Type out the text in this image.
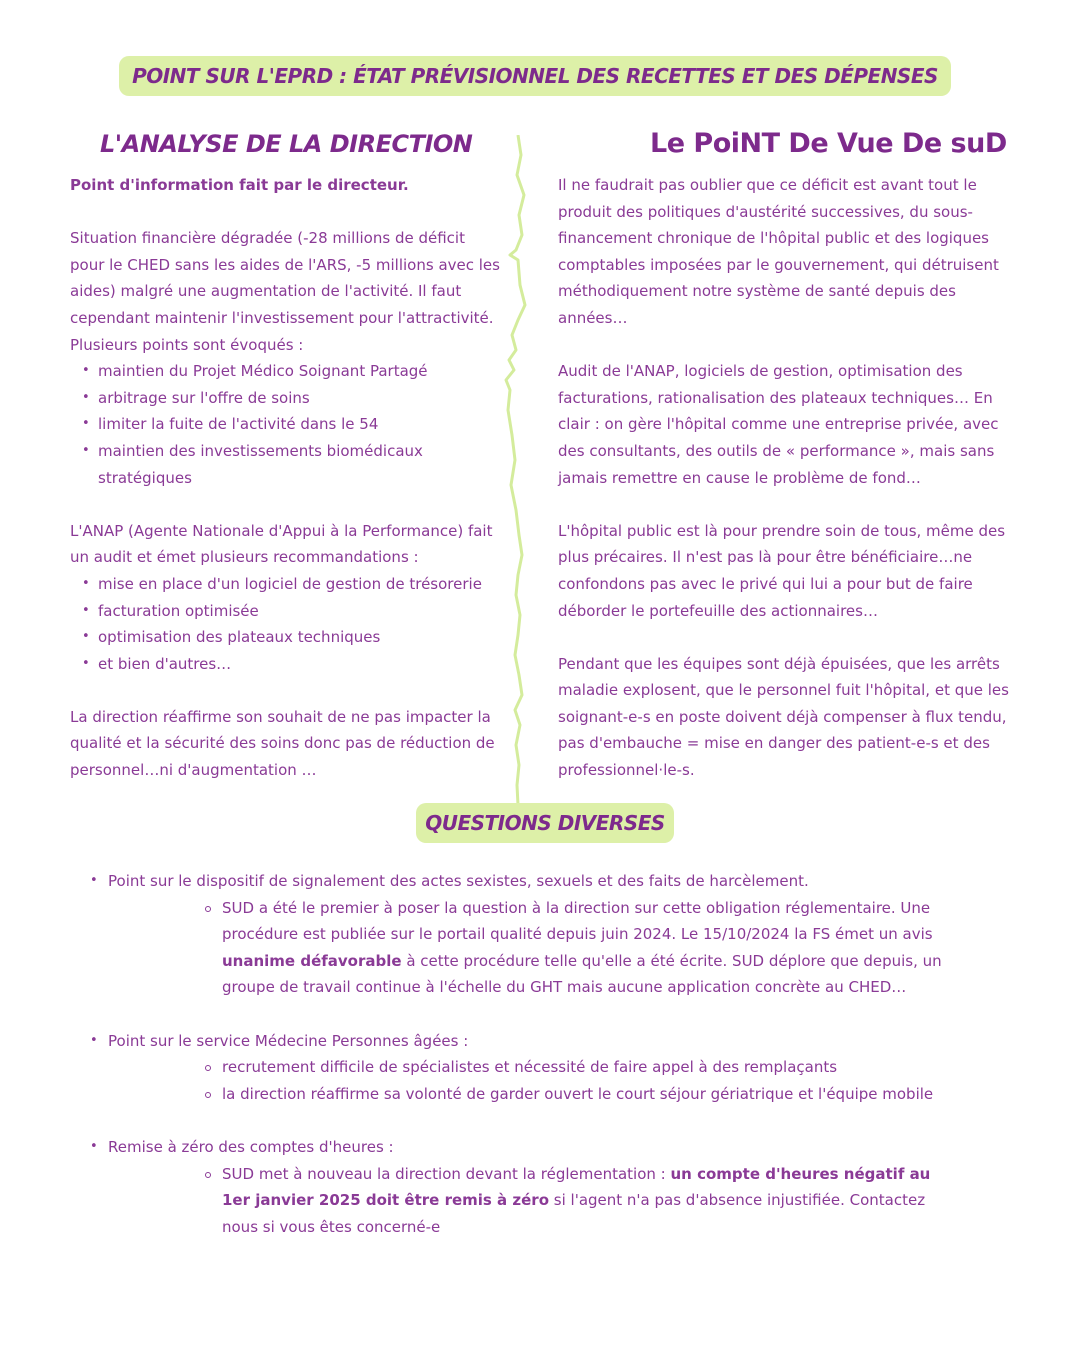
POINT SUR L'EPRD : ÉTAT PRÉVISIONNEL DES RECETTES ET DES DÉPENSES
L'ANALYSE DE LA DIRECTION	Le PoiNT De Vue De suD

Point d'information fait par le directeur.

Situation financière dégradée (-28 millions de déficit pour le CHED sans les aides de l'ARS, -5 millions avec les aides) malgré une augmentation de l'activité. Il faut cependant maintenir l'investissement pour l'attractivité. Plusieurs points sont évoqués :

• maintien du Projet Médico Soignant Partagé
• arbitrage sur l'offre de soins
• limiter la fuite de l'activité dans le 54
• maintien des investissements biomédicaux stratégiques

L'ANAP (Agente Nationale d'Appui à la Performance) fait un audit et émet plusieurs recommandations :

• mise en place d'un logiciel de gestion de trésorerie
• facturation optimisée
• optimisation des plateaux techniques
• et bien d'autres…

La direction réaffirme son souhait de ne pas impacter la qualité et la sécurité des soins donc pas de réduction de personnel…ni d'augmentation …

Il ne faudrait pas oublier que ce déficit est avant tout le produit des politiques d'austérité successives, du sous-financement chronique de l'hôpital public et des logiques comptables imposées par le gouvernement, qui détruisent méthodiquement notre système de santé depuis des années…

Audit de l'ANAP, logiciels de gestion, optimisation des facturations, rationalisation des plateaux techniques… En clair : on gère l'hôpital comme une entreprise privée, avec des consultants, des outils de « performance », mais sans jamais remettre en cause le problème de fond…

L'hôpital public est là pour prendre soin de tous, même des plus précaires. Il n'est pas là pour être bénéficiaire…ne confondons pas avec le privé qui lui a pour but de faire déborder le portefeuille des actionnaires…

Pendant que les équipes sont déjà épuisées, que les arrêts maladie explosent, que le personnel fuit l'hôpital, et que les soignant-e-s en poste doivent déjà compenser à flux tendu, pas d'embauche = mise en danger des patient-e-s et des professionnel·le-s.

QUESTIONS DIVERSES
• Point sur le dispositif de signalement des actes sexistes, sexuels et des faits de harcèlement.
SUD a été le premier à poser la question à la direction sur cette obligation réglementaire. Une procédure est publiée sur le portail qualité depuis juin 2024. Le 15/10/2024 la FS émet un avis unanime défavorable à cette procédure telle qu'elle a été écrite. SUD déplore que depuis, un groupe de travail continue à l'échelle du GHT mais aucune application concrète au CHED…
• Point sur le service Médecine Personnes âgées :
recrutement difficile de spécialistes et nécessité de faire appel à des remplaçants
la direction réaffirme sa volonté de garder ouvert le court séjour gériatrique et l'équipe mobile
• Remise à zéro des comptes d'heures :
SUD met à nouveau la direction devant la réglementation : un compte d'heures négatif au 1er janvier 2025 doit être remis à zéro si l'agent n'a pas d'absence injustifiée. Contactez nous si vous êtes concerné-e
